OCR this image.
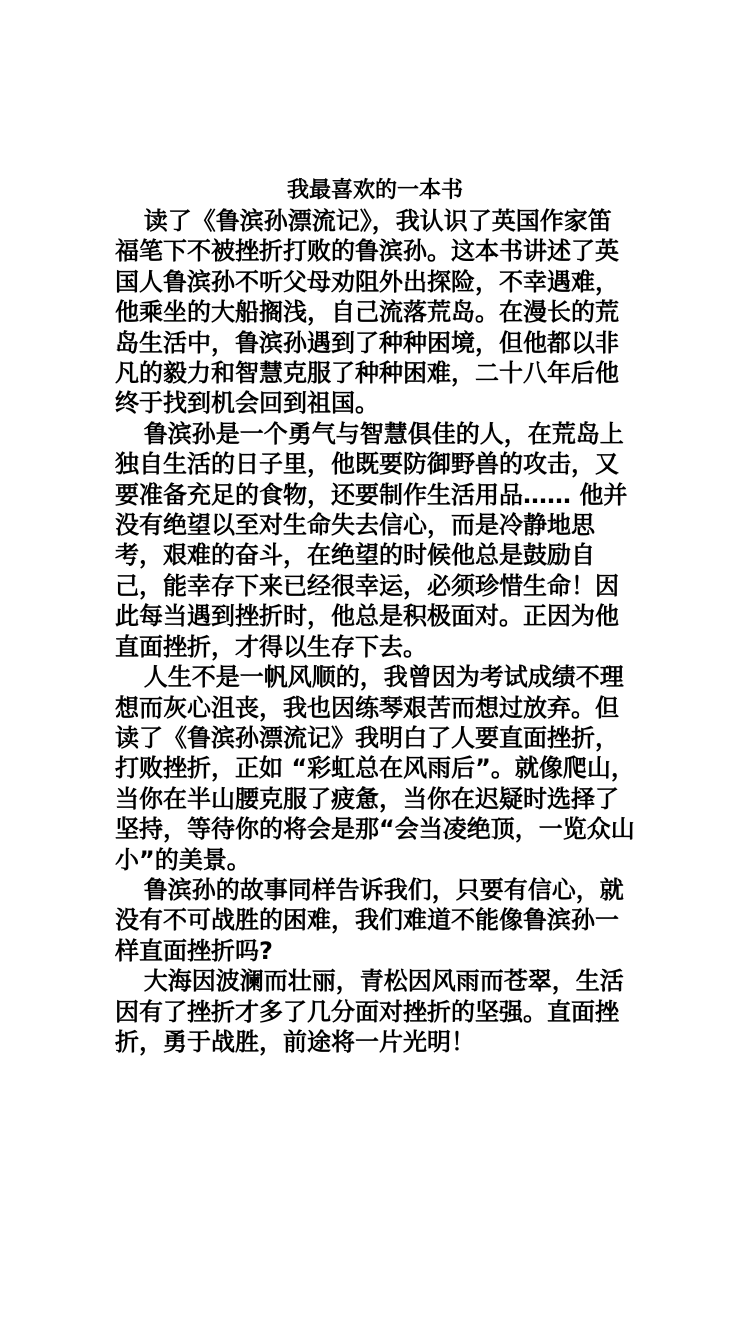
我最喜欢的一本书

读了《鲁滨孙漂流记》，我认识了英国作家笛福笔下不被挫折打败的鲁滨孙。这本书讲述了英国人鲁滨孙不听父母劝阻外出探险，不幸遇难，他乘坐的大船搁浅，自己流落荒岛。在漫长的荒岛生活中，鲁滨孙遇到了种种困境，但他都以非凡的毅力和智慧克服了种种困难，二十八年后他终于找到机会回到祖国。

鲁滨孙是一个勇气与智慧俱佳的人，在荒岛上独自生活的日子里，他既要防御野兽的攻击，又要准备充足的食物，还要制作生活用品…… 他并没有绝望以至对生命失去信心，而是冷静地思考，艰难的奋斗，在绝望的时候他总是鼓励自己，能幸存下来已经很幸运，必须珍惜生命！因此每当遇到挫折时，他总是积极面对。正因为他直面挫折，才得以生存下去。

人生不是一帆风顺的，我曾因为考试成绩不理想而灰心沮丧，我也因练琴艰苦而想过放弃。但读了《鲁滨孙漂流记》我明白了人要直面挫折，打败挫折，正如 “彩虹总在风雨后”。就像爬山，当你在半山腰克服了疲惫，当你在迟疑时选择了坚持，等待你的将会是那“会当凌绝顶，一览众山小”的美景。

鲁滨孙的故事同样告诉我们，只要有信心，就没有不可战胜的困难，我们难道不能像鲁滨孙一样直面挫折吗?

大海因波澜而壮丽，青松因风雨而苍翠，生活因有了挫折才多了几分面对挫折的坚强。直面挫折，勇于战胜，前途将一片光明！
